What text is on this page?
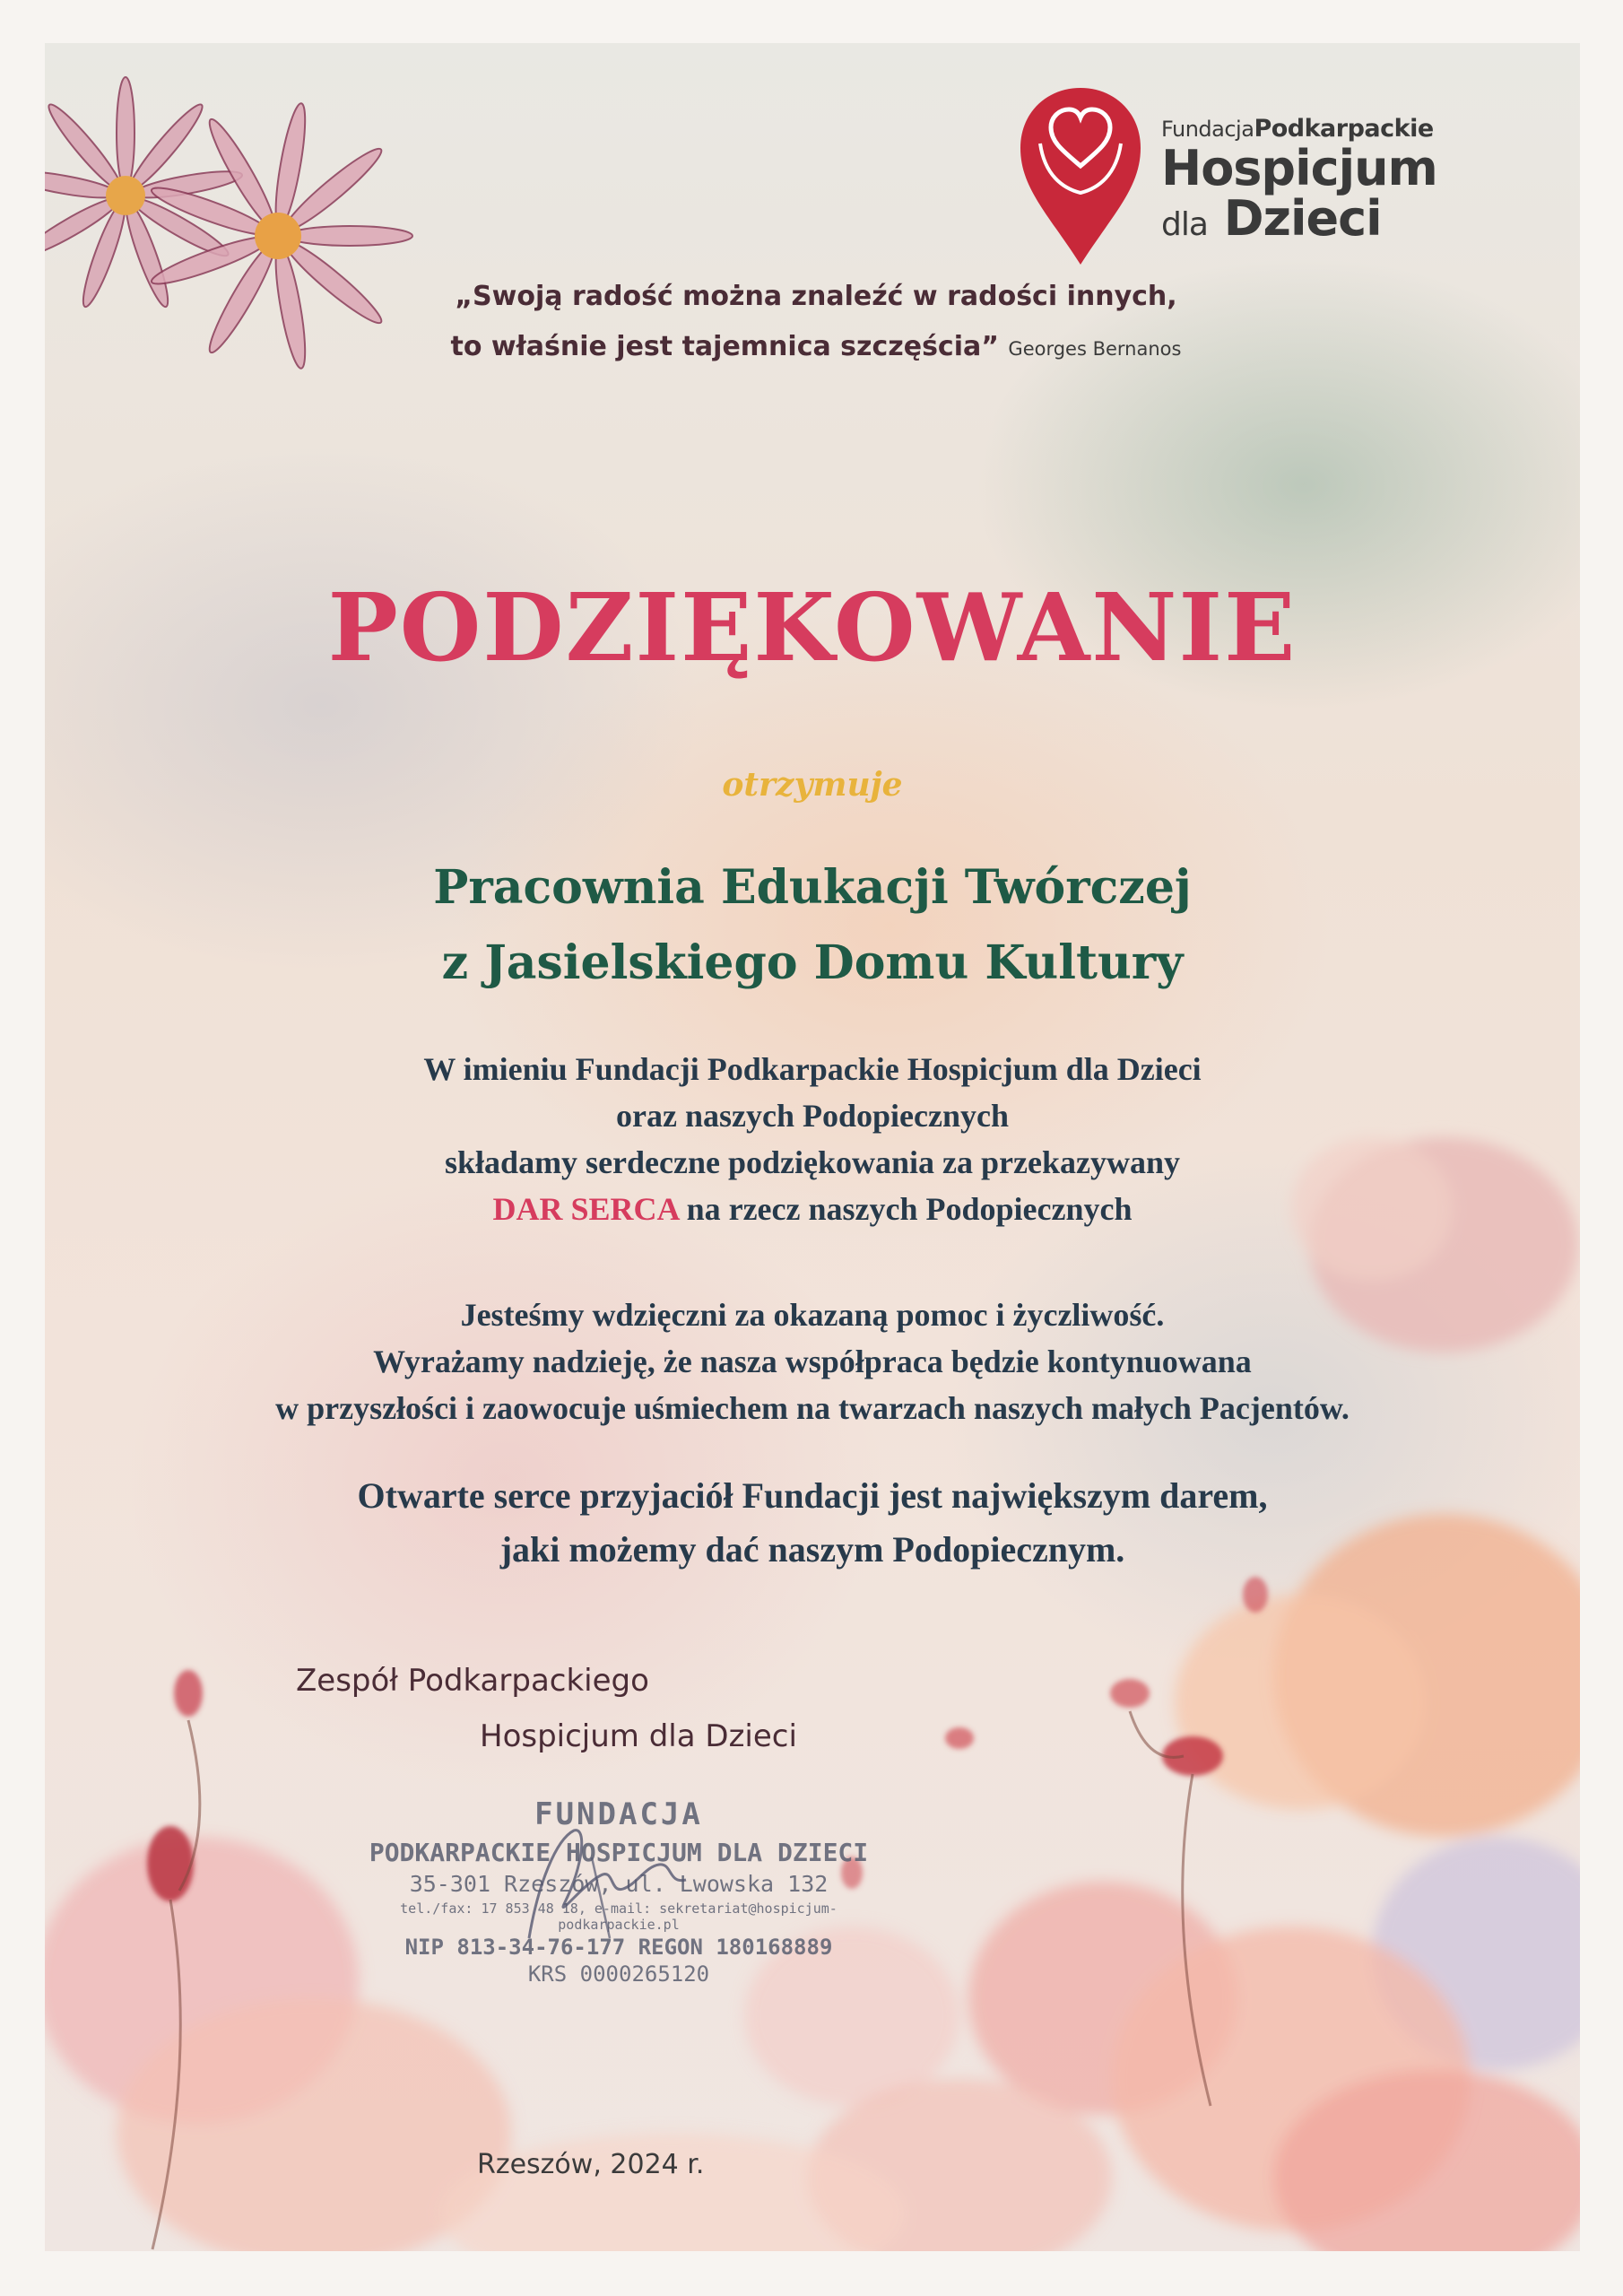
FundacjaPodkarpackie
Hospicjum
dla Dzieci
„Swoją radość można znaleźć w radości innych,
to właśnie jest tajemnica szczęścia” Georges Bernanos
PODZIĘKOWANIE
otrzymuje
Pracownia Edukacji Twórczej
z Jasielskiego Domu Kultury
W imieniu Fundacji Podkarpackie Hospicjum dla Dzieci
oraz naszych Podopiecznych
składamy serdeczne podziękowania za przekazywany
DAR SERCA na rzecz naszych Podopiecznych
Jesteśmy wdzięczni za okazaną pomoc i życzliwość.
Wyrażamy nadzieję, że nasza współpraca będzie kontynuowana
w przyszłości i zaowocuje uśmiechem na twarzach naszych małych Pacjentów.
Otwarte serce przyjaciół Fundacji jest największym darem,
jaki możemy dać naszym Podopiecznym.
Zespół Podkarpackiego
Hospicjum dla Dzieci
FUNDACJA
PODKARPACKIE HOSPICJUM DLA DZIECI
35-301 Rzeszów, ul. Lwowska 132
tel./fax: 17 853 48 18, e-mail: sekretariat@hospicjum-podkarpackie.pl
NIP 813-34-76-177 REGON 180168889
KRS 0000265120
Rzeszów, 2024 r.
